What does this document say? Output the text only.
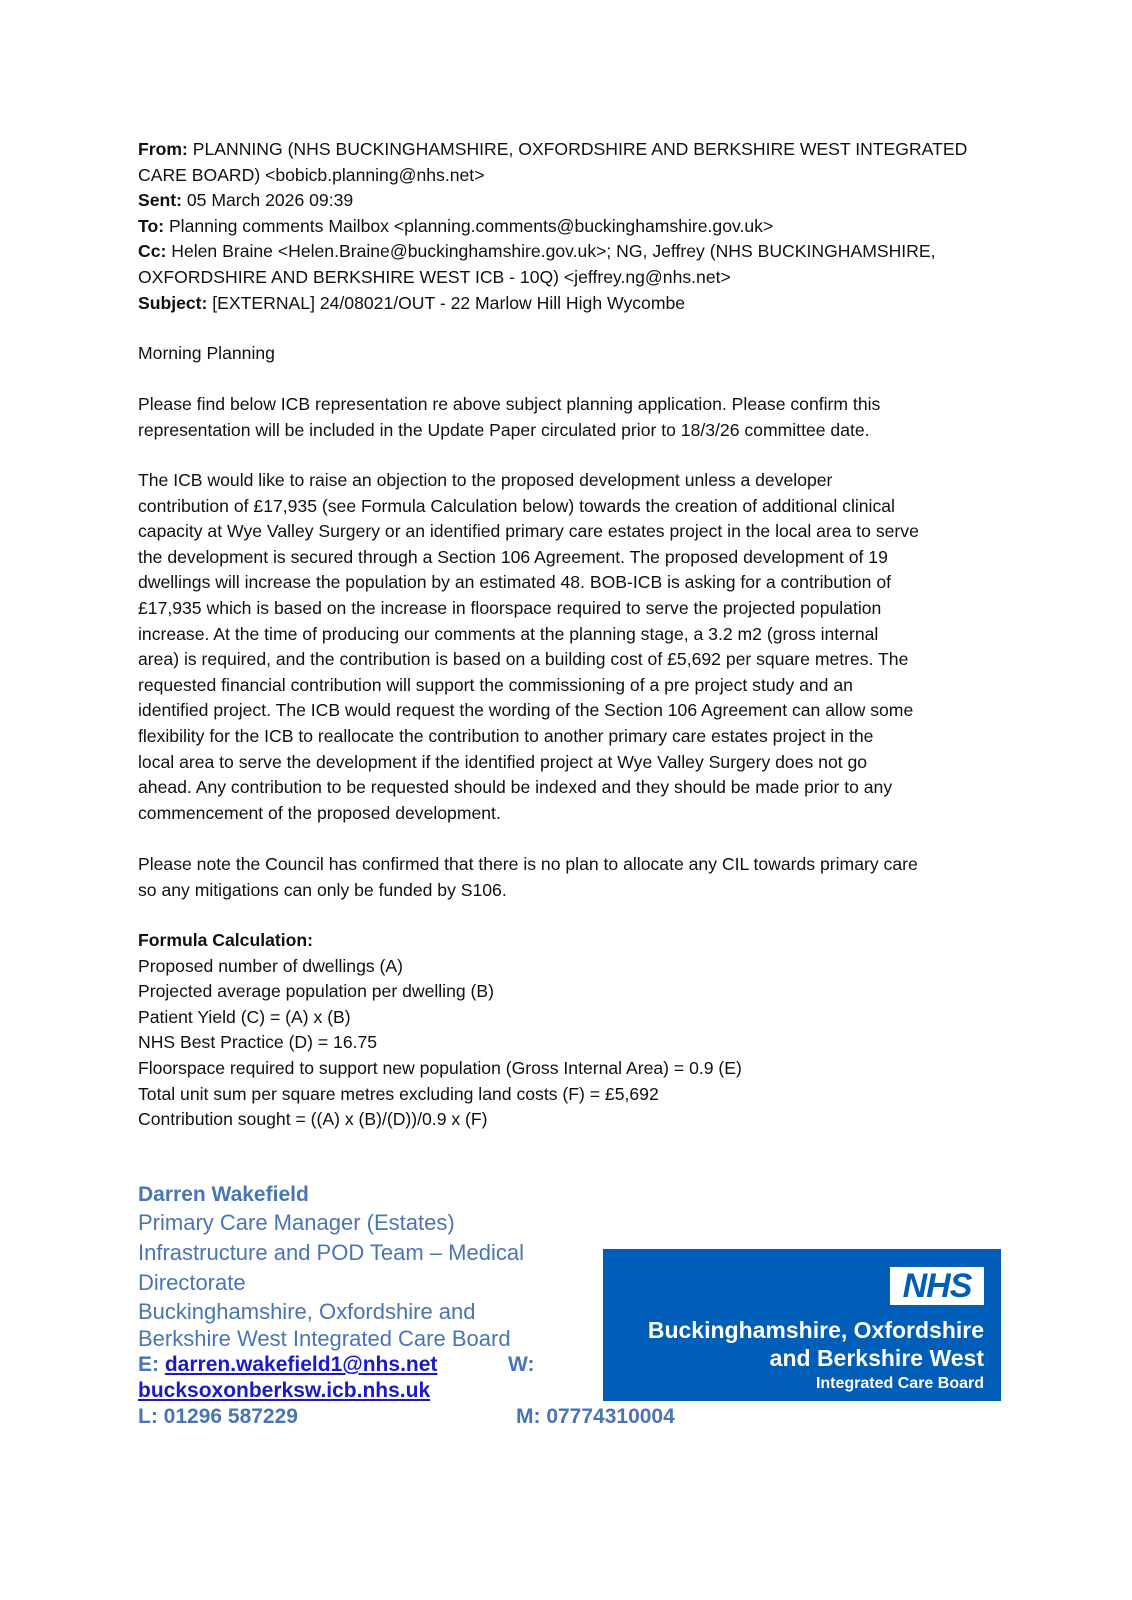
From: PLANNING (NHS BUCKINGHAMSHIRE, OXFORDSHIRE AND BERKSHIRE WEST INTEGRATED
CARE BOARD) <bobicb.planning@nhs.net>
Sent: 05 March 2026 09:39
To: Planning comments Mailbox <planning.comments@buckinghamshire.gov.uk>
Cc: Helen Braine <Helen.Braine@buckinghamshire.gov.uk>; NG, Jeffrey (NHS BUCKINGHAMSHIRE,
OXFORDSHIRE AND BERKSHIRE WEST ICB - 10Q) <jeffrey.ng@nhs.net>
Subject: [EXTERNAL] 24/08021/OUT - 22 Marlow Hill High Wycombe
Morning Planning
Please find below ICB representation re above subject planning application. Please confirm this
representation will be included in the Update Paper circulated prior to 18/3/26 committee date.
The ICB would like to raise an objection to the proposed development unless a developer
contribution of £17,935 (see Formula Calculation below) towards the creation of additional clinical
capacity at Wye Valley Surgery or an identified primary care estates project in the local area to serve
the development is secured through a Section 106 Agreement. The proposed development of 19
dwellings will increase the population by an estimated 48. BOB-ICB is asking for a contribution of
£17,935 which is based on the increase in floorspace required to serve the projected population
increase. At the time of producing our comments at the planning stage, a 3.2 m2 (gross internal
area) is required, and the contribution is based on a building cost of £5,692 per square metres. The
requested financial contribution will support the commissioning of a pre project study and an
identified project. The ICB would request the wording of the Section 106 Agreement can allow some
flexibility for the ICB to reallocate the contribution to another primary care estates project in the
local area to serve the development if the identified project at Wye Valley Surgery does not go
ahead. Any contribution to be requested should be indexed and they should be made prior to any
commencement of the proposed development.
Please note the Council has confirmed that there is no plan to allocate any CIL towards primary care
so any mitigations can only be funded by S106.
Formula Calculation:
Proposed number of dwellings (A)
Projected average population per dwelling (B)
Patient Yield (C) = (A) x (B)
NHS Best Practice (D) = 16.75
Floorspace required to support new population (Gross Internal Area) = 0.9 (E)
Total unit sum per square metres excluding land costs (F) = £5,692
Contribution sought = ((A) x (B)/(D))/0.9 x (F)
Darren Wakefield
Primary Care Manager (Estates)
Infrastructure and POD Team – Medical
Directorate
Buckinghamshire, Oxfordshire and
Berkshire West Integrated Care Board
E: darren.wakefield1@nhs.net	W:
bucksoxonberksw.icb.nhs.uk
L: 01296 587229	M: 07774310004
NHS
Buckinghamshire, Oxfordshire
and Berkshire West
Integrated Care Board
